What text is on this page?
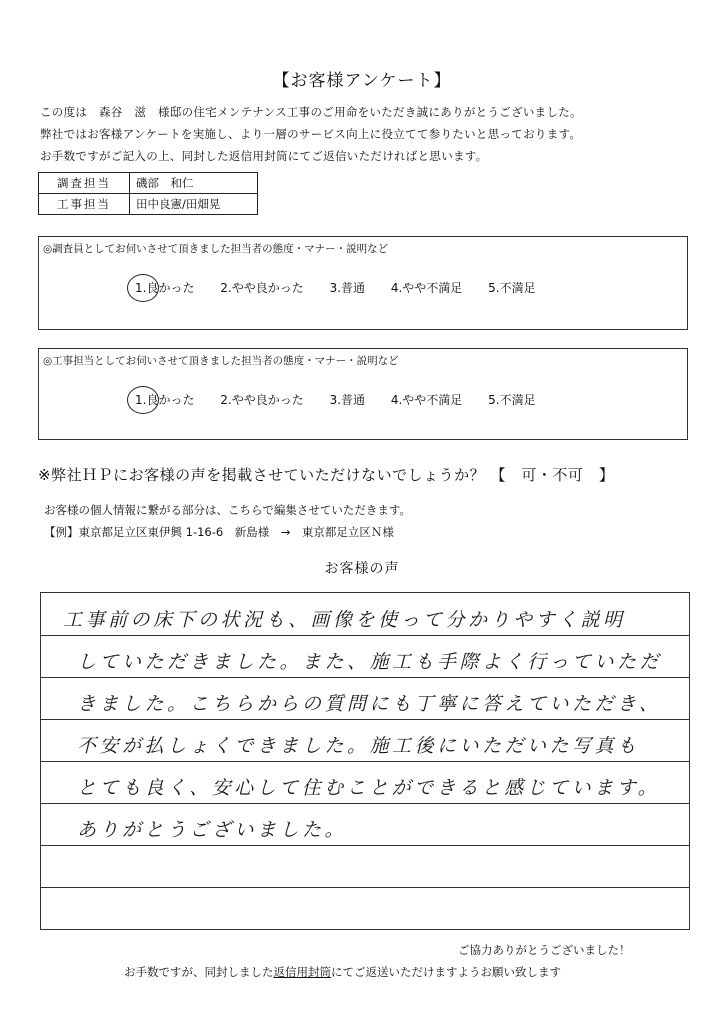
【お客様アンケート】
この度は　森谷　滋　様邸の住宅メンテナンス工事のご用命をいただき誠にありがとうございました。
弊社ではお客様アンケートを実施し、より一層のサービス向上に役立てて参りたいと思っております。
お手数ですがご記入の上、同封した返信用封筒にてご返信いただければと思います。
調査担当	磯部　和仁
工事担当	田中良憲/田畑晃
◎調査員としてお伺いさせて頂きました担当者の態度・マナー・説明など
1.良かった 2.やや良かった 3.普通 4.やや不満足 5.不満足
◎工事担当としてお伺いさせて頂きました担当者の態度・マナー・説明など
1.良かった 2.やや良かった 3.普通 4.やや不満足 5.不満足
※弊社ＨＰにお客様の声を掲載させていただけないでしょうか？ 【　可・不可　】
お客様の個人情報に繋がる部分は、こちらで編集させていただきます。
【例】東京都足立区東伊興 1-16-6　新島様　→　東京都足立区Ｎ様
お客様の声
工事前の床下の状況も、画像を使って分かりやすく説明
していただきました。また、施工も手際よく行っていただ
きました。こちらからの質問にも丁寧に答えていただき、
不安が払しょくできました。施工後にいただいた写真も
とても良く、安心して住むことができると感じています。
ありがとうございました。
ご協力ありがとうございました！
お手数ですが、同封しました返信用封筒にてご返送いただけますようお願い致します
